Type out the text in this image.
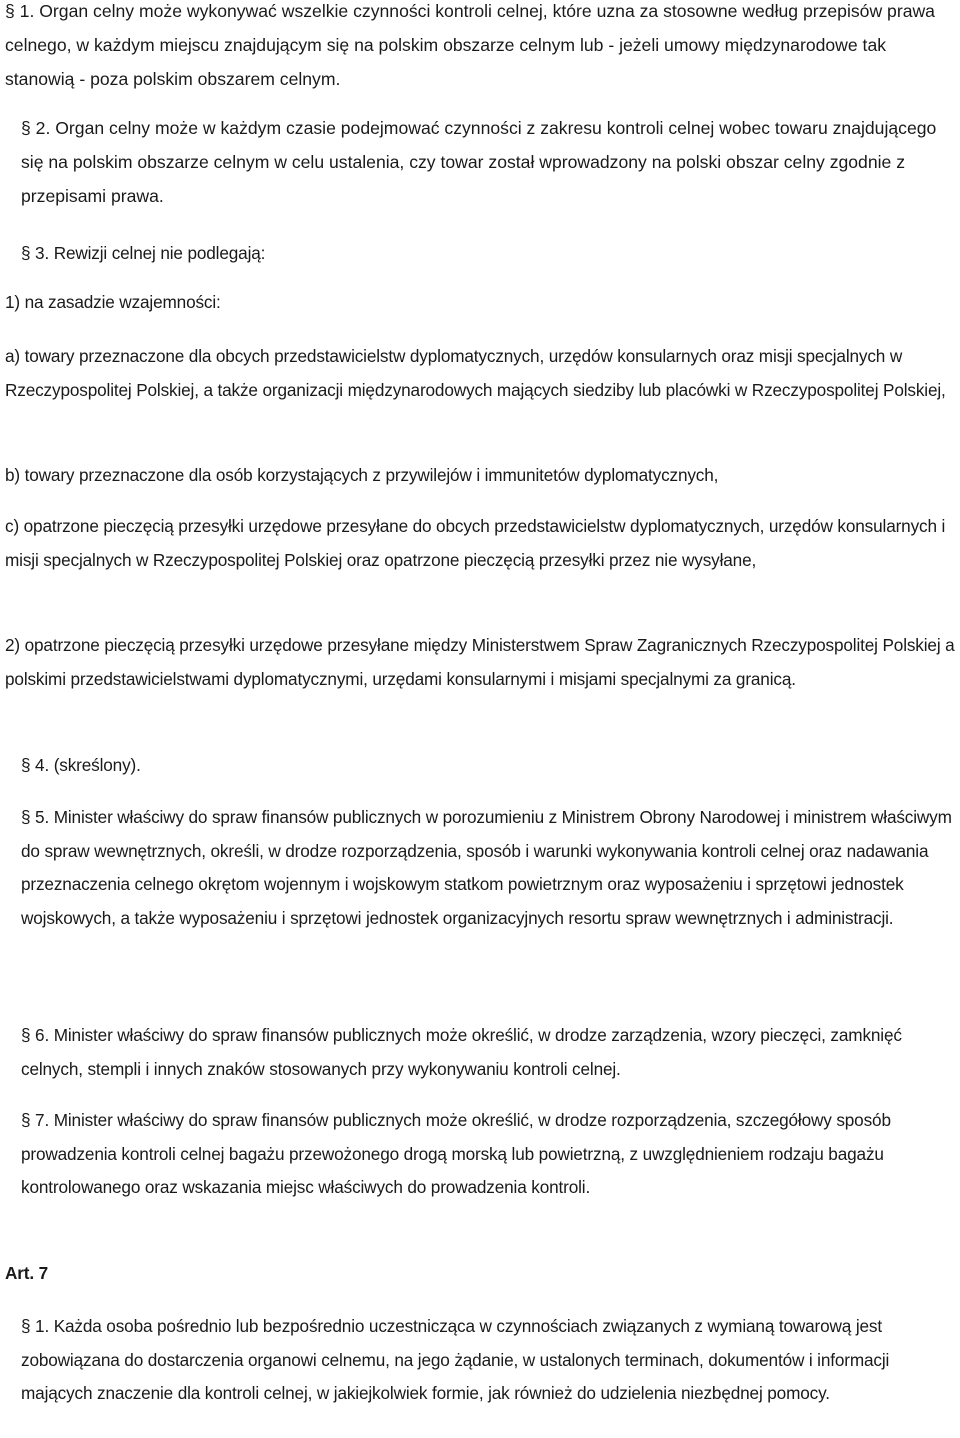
§ 1. Organ celny może wykonywać wszelkie czynności kontroli celnej, które uzna za stosowne według przepisów prawa celnego, w każdym miejscu znajdującym się na polskim obszarze celnym lub - jeżeli umowy międzynarodowe tak stanowią - poza polskim obszarem celnym.

§ 2. Organ celny może w każdym czasie podejmować czynności z zakresu kontroli celnej wobec towaru znajdującego się na polskim obszarze celnym w celu ustalenia, czy towar został wprowadzony na polski obszar celny zgodnie z przepisami prawa.

§ 3. Rewizji celnej nie podlegają:

1) na zasadzie wzajemności:

a) towary przeznaczone dla obcych przedstawicielstw dyplomatycznych, urzędów konsularnych oraz misji specjalnych w Rzeczypospolitej Polskiej, a także organizacji międzynarodowych mających siedziby lub placówki w Rzeczypospolitej Polskiej,

b) towary przeznaczone dla osób korzystających z przywilejów i immunitetów dyplomatycznych,

c) opatrzone pieczęcią przesyłki urzędowe przesyłane do obcych przedstawicielstw dyplomatycznych, urzędów konsularnych i misji specjalnych w Rzeczypospolitej Polskiej oraz opatrzone pieczęcią przesyłki przez nie wysyłane,

2) opatrzone pieczęcią przesyłki urzędowe przesyłane między Ministerstwem Spraw Zagranicznych Rzeczypospolitej Polskiej a polskimi przedstawicielstwami dyplomatycznymi, urzędami konsularnymi i misjami specjalnymi za granicą.

§ 4. (skreślony).

§ 5. Minister właściwy do spraw finansów publicznych w porozumieniu z Ministrem Obrony Narodowej i ministrem właściwym do spraw wewnętrznych, określi, w drodze rozporządzenia, sposób i warunki wykonywania kontroli celnej oraz nadawania przeznaczenia celnego okrętom wojennym i wojskowym statkom powietrznym oraz wyposażeniu i sprzętowi jednostek wojskowych, a także wyposażeniu i sprzętowi jednostek organizacyjnych resortu spraw wewnętrznych i administracji.

§ 6. Minister właściwy do spraw finansów publicznych może określić, w drodze zarządzenia, wzory pieczęci, zamknięć celnych, stempli i innych znaków stosowanych przy wykonywaniu kontroli celnej.

§ 7. Minister właściwy do spraw finansów publicznych może określić, w drodze rozporządzenia, szczegółowy sposób prowadzenia kontroli celnej bagażu przewożonego drogą morską lub powietrzną, z uwzględnieniem rodzaju bagażu kontrolowanego oraz wskazania miejsc właściwych do prowadzenia kontroli.

Art. 7

§ 1. Każda osoba pośrednio lub bezpośrednio uczestnicząca w czynnościach związanych z wymianą towarową jest zobowiązana do dostarczenia organowi celnemu, na jego żądanie, w ustalonych terminach, dokumentów i informacji mających znaczenie dla kontroli celnej, w jakiejkolwiek formie, jak również do udzielenia niezbędnej pomocy.
